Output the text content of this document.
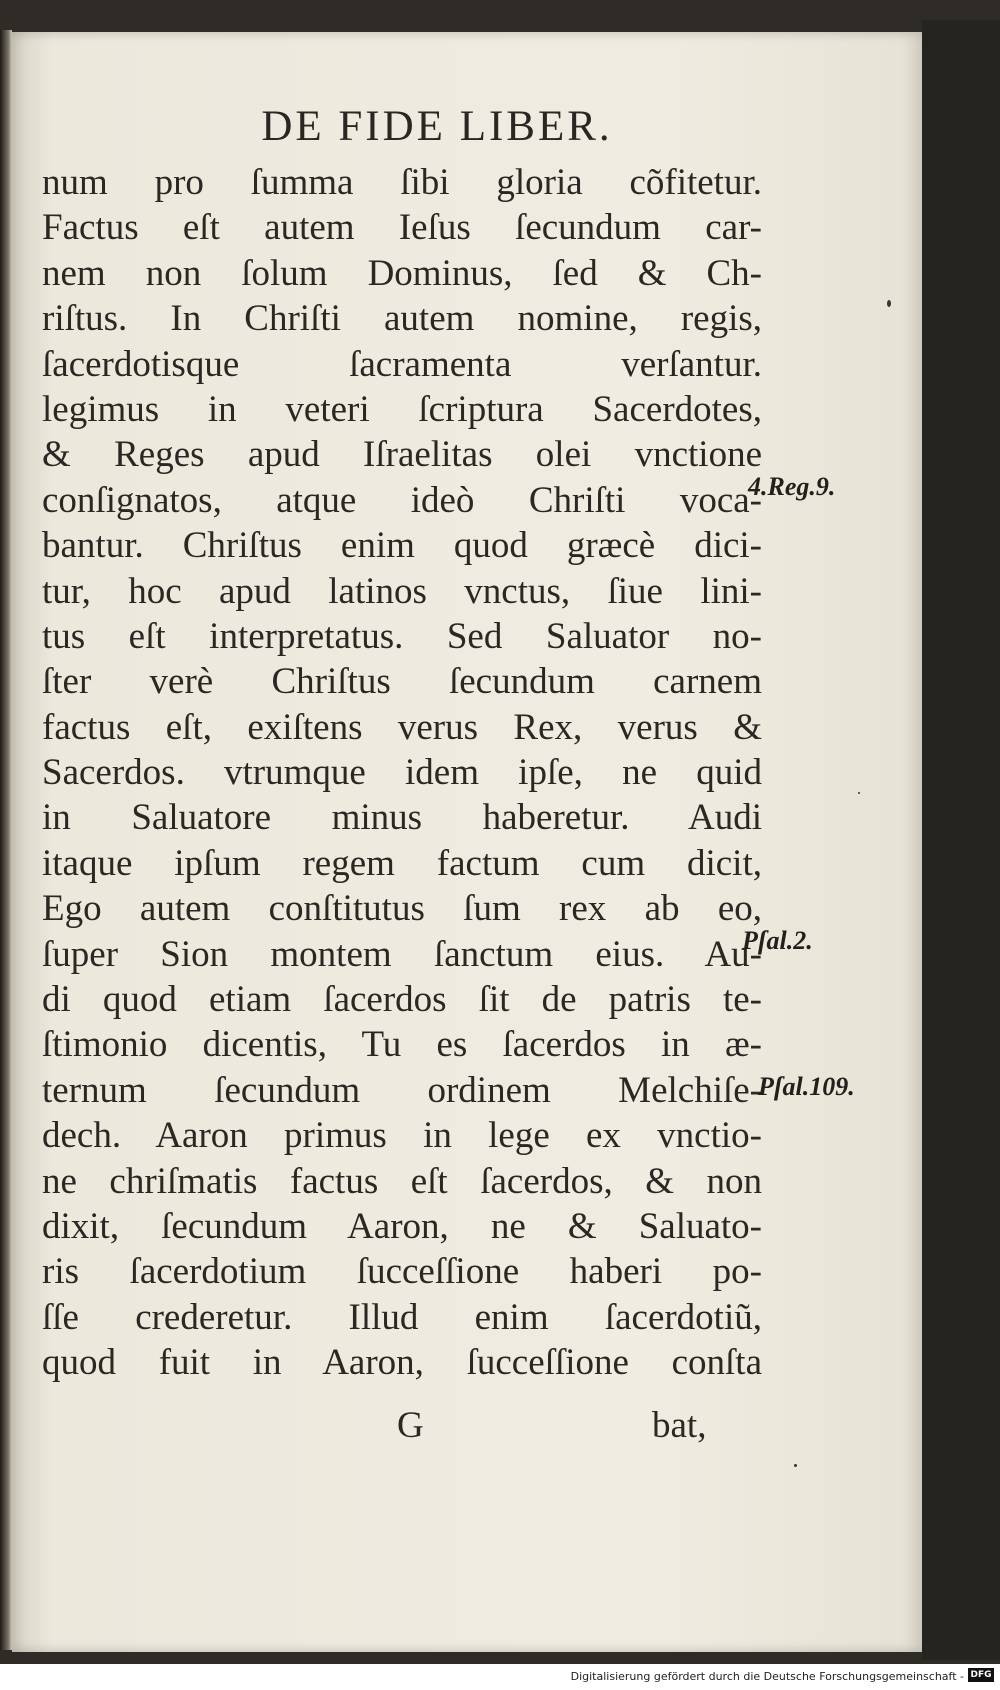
DE FIDE LIBER.
num pro ſumma ſibi gloria cõfitetur.
Factus eſt autem Ieſus ſecundum car-
nem non ſolum Dominus, ſed & Ch-
riſtus. In Chriſti autem nomine, regis,
ſacerdotisque ſacramenta verſantur.
legimus in veteri ſcriptura Sacerdotes,
& Reges apud Iſraelitas olei vnctione
conſignatos, atque ideò Chriſti voca-
bantur. Chriſtus enim quod græcè dici-
tur, hoc apud latinos vnctus, ſiue lini-
tus eſt interpretatus. Sed Saluator no-
ſter verè Chriſtus ſecundum carnem
factus eſt, exiſtens verus Rex, verus &
Sacerdos. vtrumque idem ipſe, ne quid
in Saluatore minus haberetur. Audi
itaque ipſum regem factum cum dicit,
Ego autem conſtitutus ſum rex ab eo,
ſuper Sion montem ſanctum eius. Au-
di quod etiam ſacerdos ſit de patris te-
ſtimonio dicentis, Tu es ſacerdos in æ-
ternum ſecundum ordinem Melchiſe-
dech. Aaron primus in lege ex vnctio-
ne chriſmatis factus eſt ſacerdos, & non
dixit, ſecundum Aaron, ne & Saluato-
ris ſacerdotium ſucceſſione haberi po-
ſſe crederetur. Illud enim ſacerdotiũ,
quod fuit in Aaron, ſucceſſione conſta
4.Reg.9.
Pſal.2.
Pſal.109.
G	bat,
Digitalisierung gefördert durch die Deutsche Forschungsgemeinschaft - DFG
